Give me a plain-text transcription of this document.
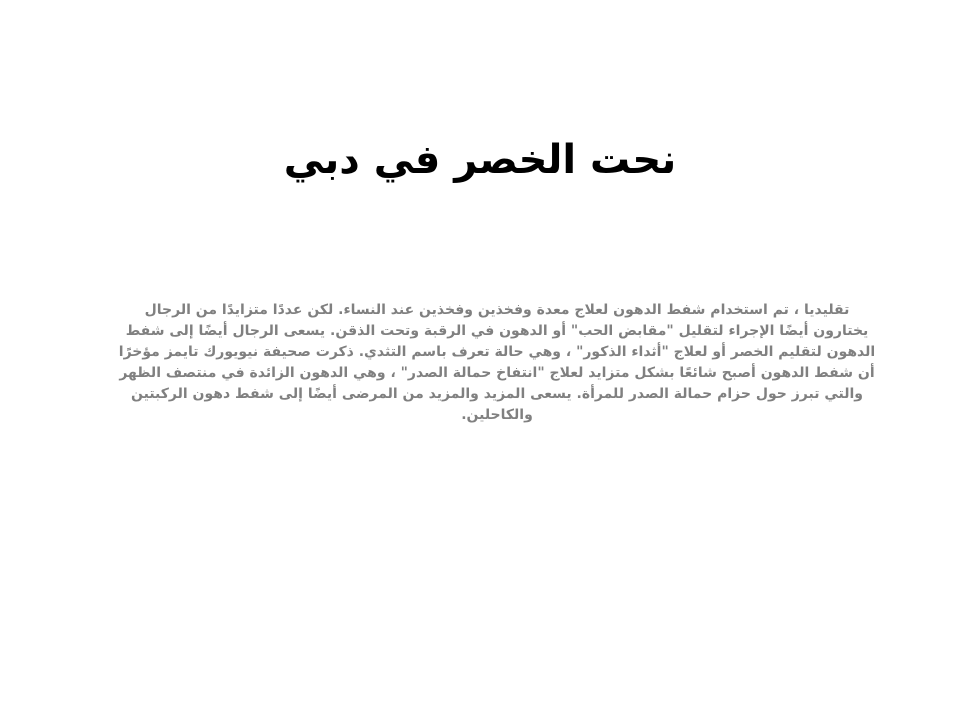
نحت الخصر في دبي

تقليديا ، تم استخدام شفط الدهون لعلاج معدة وفخذين وفخذين عند النساء. لكن عددًا متزايدًا من الرجال يختارون أيضًا الإجراء لتقليل "مقابض الحب" أو الدهون في الرقبة وتحت الذقن. يسعى الرجال أيضًا إلى شفط الدهون لتقليم الخصر أو لعلاج "أثداء الذكور" ، وهي حالة تعرف باسم التثدي. ذكرت صحيفة نيويورك تايمز مؤخرًا أن شفط الدهون أصبح شائعًا بشكل متزايد لعلاج "انتفاخ حمالة الصدر" ، وهي الدهون الزائدة في منتصف الظهر والتي تبرز حول حزام حمالة الصدر للمرأة. يسعى المزيد والمزيد من المرضى أيضًا إلى شفط دهون الركبتين والكاحلين.
